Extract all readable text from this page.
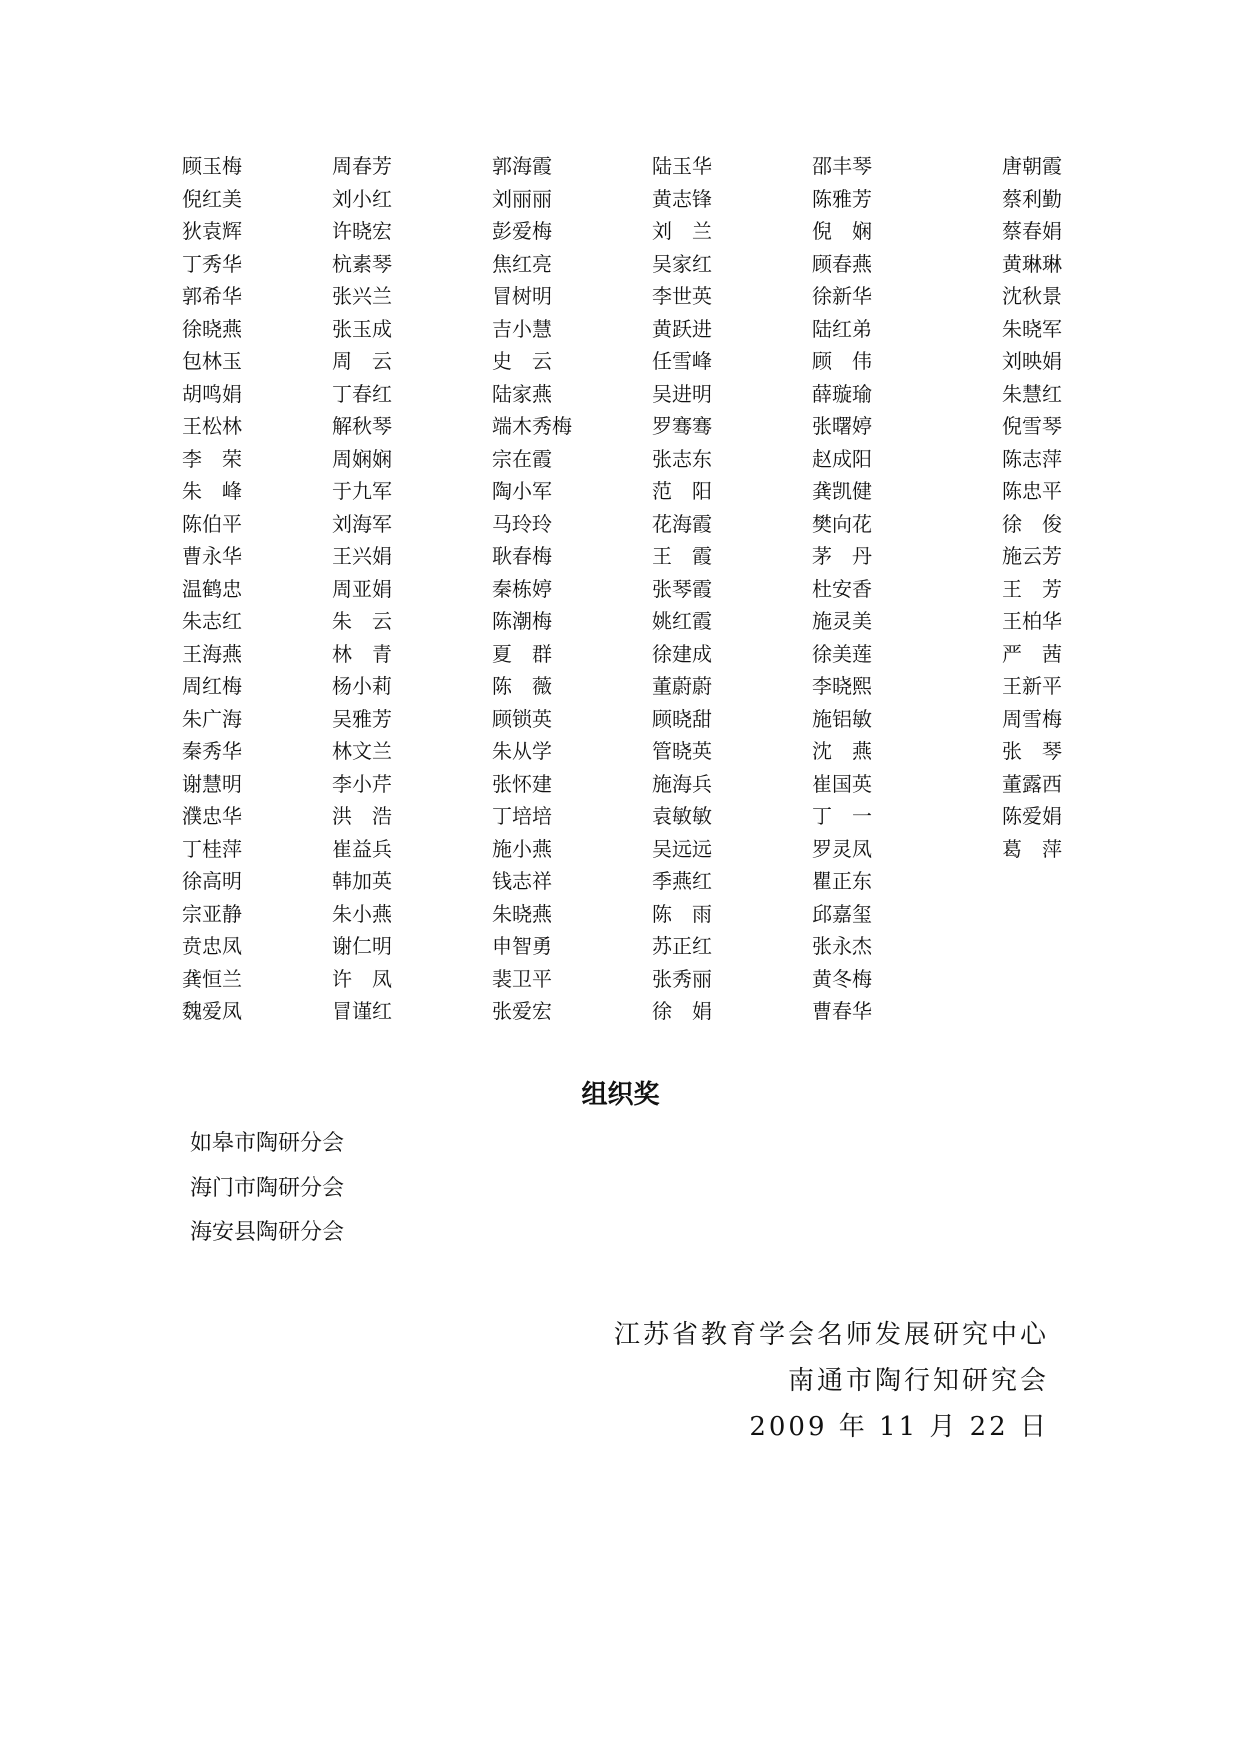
顾玉梅	周春芳	郭海霞	陆玉华	邵丰琴	唐朝霞
倪红美	刘小红	刘丽丽	黄志锋	陈雅芳	蔡利勤
狄袁辉	许晓宏	彭爱梅	刘　兰	倪　娴	蔡春娟
丁秀华	杭素琴	焦红亮	吴家红	顾春燕	黄琳琳
郭希华	张兴兰	冒树明	李世英	徐新华	沈秋景
徐晓燕	张玉成	吉小慧	黄跃进	陆红弟	朱晓军
包林玉	周　云	史　云	任雪峰	顾　伟	刘映娟
胡鸣娟	丁春红	陆家燕	吴进明	薛璇瑜	朱慧红
王松林	解秋琴	端木秀梅	罗骞骞	张曙婷	倪雪琴
李　荣	周娴娴	宗在霞	张志东	赵成阳	陈志萍
朱　峰	于九军	陶小军	范　阳	龚凯健	陈忠平
陈伯平	刘海军	马玲玲	花海霞	樊向花	徐　俊
曹永华	王兴娟	耿春梅	王　霞	茅　丹	施云芳
温鹤忠	周亚娟	秦栋婷	张琴霞	杜安香	王　芳
朱志红	朱　云	陈潮梅	姚红霞	施灵美	王柏华
王海燕	林　青	夏　群	徐建成	徐美莲	严　茜
周红梅	杨小莉	陈　薇	董蔚蔚	李晓熙	王新平
朱广海	吴雅芳	顾锁英	顾晓甜	施铝敏	周雪梅
秦秀华	林文兰	朱从学	管晓英	沈　燕	张　琴
谢慧明	李小芹	张怀建	施海兵	崔国英	董露西
濮忠华	洪　浩	丁培培	袁敏敏	丁　一	陈爱娟
丁桂萍	崔益兵	施小燕	吴远远	罗灵凤	葛　萍
徐高明	韩加英	钱志祥	季燕红	瞿正东
宗亚静	朱小燕	朱晓燕	陈　雨	邱嘉玺
贲忠凤	谢仁明	申智勇	苏正红	张永杰
龚恒兰	许　凤	裴卫平	张秀丽	黄冬梅
魏爱凤	冒谨红	张爱宏	徐　娟	曹春华
组织奖
如皋市陶研分会
海门市陶研分会
海安县陶研分会
江苏省教育学会名师发展研究中心
南通市陶行知研究会
2009 年 11 月 22 日
